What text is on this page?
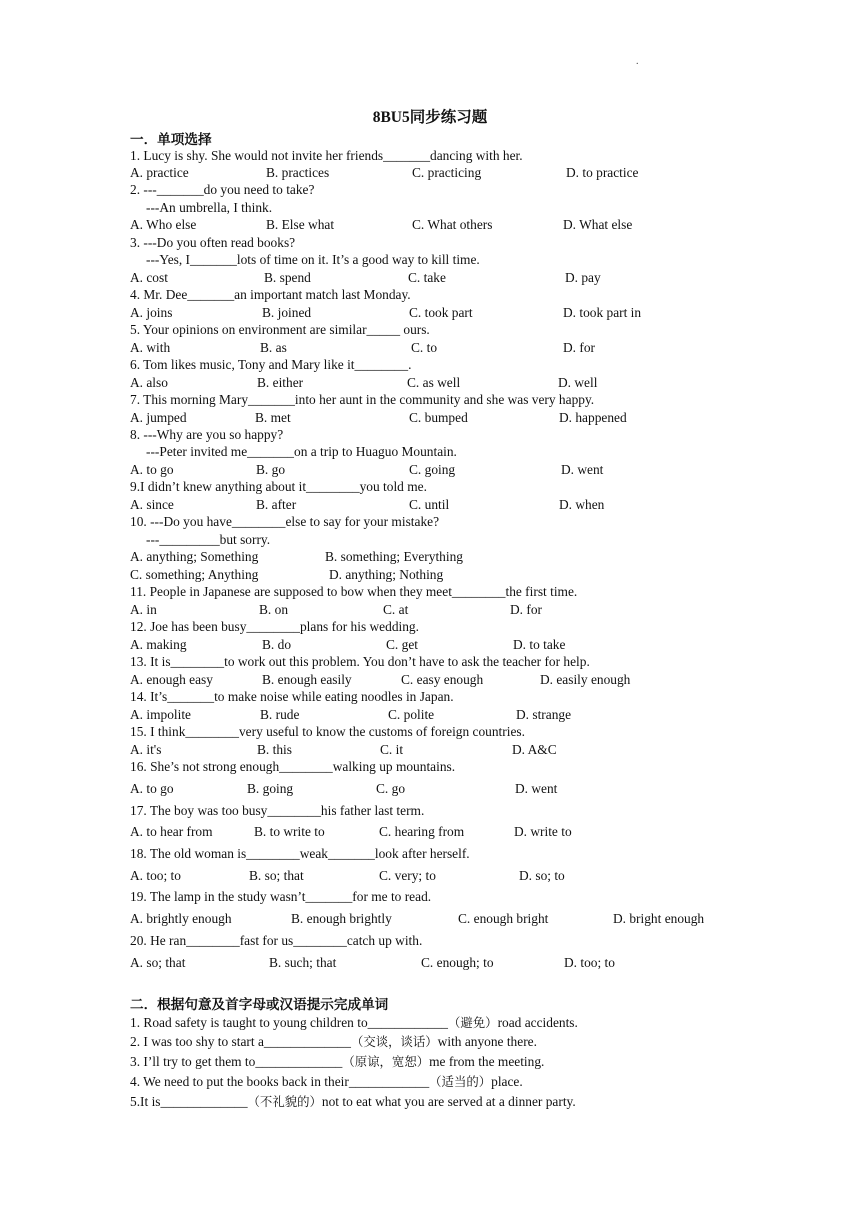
.
8BU5同步练习题
一．单项选择
1. Lucy is shy. She would not invite her friends_______dancing with her.
A. practice	B. practices	C. practicing	D. to practice
2. ---_______do you need to take?
---An umbrella, I think.
A. Who else	B. Else what	C. What others	D. What else
3. ---Do you often read books?
---Yes, I_______lots of time on it. It’s a good way to kill time.
A. cost	B. spend	C. take	D. pay
4. Mr. Dee_______an important match last Monday.
A. joins	B. joined	C. took part	D. took part in
5. Your opinions on environment are similar_____ ours.
A. with	B. as	C. to	D. for
6. Tom likes music, Tony and Mary like it________.
A. also	B. either	C. as well	D. well
7. This morning Mary_______into her aunt in the community and she was very happy.
A. jumped	B. met	C. bumped	D. happened
8. ---Why are you so happy?
---Peter invited me_______on a trip to Huaguo Mountain.
A. to go	B. go	C. going	D. went
9.I didn’t knew anything about it________you told me.
A. since	B. after	C. until	D. when
10. ---Do you have________else to say for your mistake?
---_________but sorry.
A. anything; Something	B. something; Everything
C. something; Anything	D. anything; Nothing
11. People in Japanese are supposed to bow when they meet________the first time.
A. in	B. on	C. at	D. for
12. Joe has been busy________plans for his wedding.
A. making	B. do	C. get	D. to take
13. It is________to work out this problem. You don’t have to ask the teacher for help.
A. enough easy	B. enough easily	C. easy enough	D. easily enough
14. It’s_______to make noise while eating noodles in Japan.
A. impolite	B. rude	C. polite	D. strange
15. I think________very useful to know the customs of foreign countries.
A. it's	B. this	C. it	D. A&C
16. She’s not strong enough________walking up mountains.
A. to go	B. going	C. go	D. went
17. The boy was too busy________his father last term.
A. to hear from	B. to write to	C. hearing from	D. write to
18. The old woman is________weak_______look after herself.
A. too; to	B. so; that	C. very; to	D. so; to
19. The lamp in the study wasn’t_______for me to read.
A. brightly enough	B. enough brightly	C. enough bright	D. bright enough
20. He ran________fast for us________catch up with.
A. so; that	B. such; that	C. enough; to	D. too; to
二．根据句意及首字母或汉语提示完成单词
1. Road safety is taught to young children to____________（避免）road accidents.
2. I was too shy to start a_____________（交谈，谈话）with anyone there.
3. I’ll try to get them to_____________（原谅，宽恕）me from the meeting.
4. We need to put the books back in their____________（适当的）place.
5.It is_____________（不礼貌的）not to eat what you are served at a dinner party.
